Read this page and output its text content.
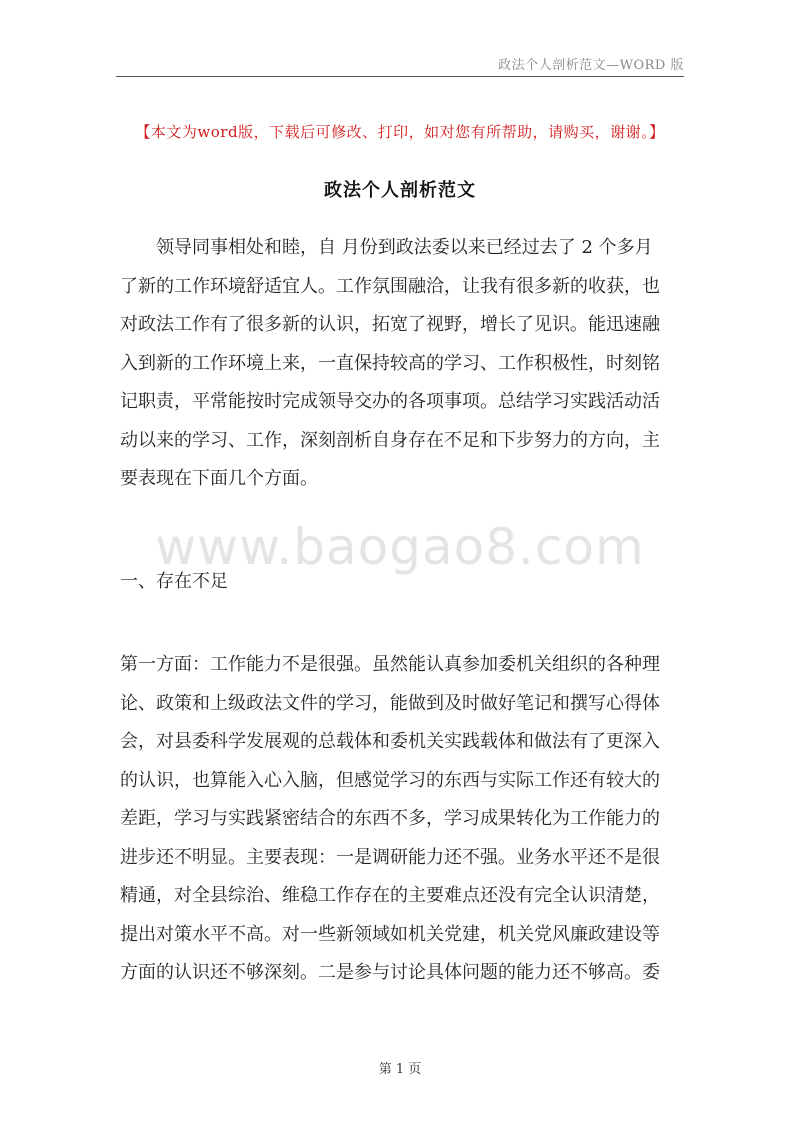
政法个人剖析范文—WORD 版
【本文为word版，下载后可修改、打印，如对您有所帮助，请购买，谢谢。】
政法个人剖析范文
领导同事相处和睦，自 月份到政法委以来已经过去了 2 个多月
了新的工作环境舒适宜人。工作氛围融洽，让我有很多新的收获，也
对政法工作有了很多新的认识，拓宽了视野，增长了见识。能迅速融
入到新的工作环境上来，一直保持较高的学习、工作积极性，时刻铭
记职责，平常能按时完成领导交办的各项事项。总结学习实践活动活
动以来的学习、工作，深刻剖析自身存在不足和下步努力的方向，主
要表现在下面几个方面。
www.baogao8.com
一、存在不足
第一方面：工作能力不是很强。虽然能认真参加委机关组织的各种理
论、政策和上级政法文件的学习，能做到及时做好笔记和撰写心得体
会，对县委科学发展观的总载体和委机关实践载体和做法有了更深入
的认识，也算能入心入脑，但感觉学习的东西与实际工作还有较大的
差距，学习与实践紧密结合的东西不多，学习成果转化为工作能力的
进步还不明显。主要表现：一是调研能力还不强。业务水平还不是很
精通，对全县综治、维稳工作存在的主要难点还没有完全认识清楚，
提出对策水平不高。对一些新领域如机关党建，机关党风廉政建设等
方面的认识还不够深刻。二是参与讨论具体问题的能力还不够高。委
第 1 页
